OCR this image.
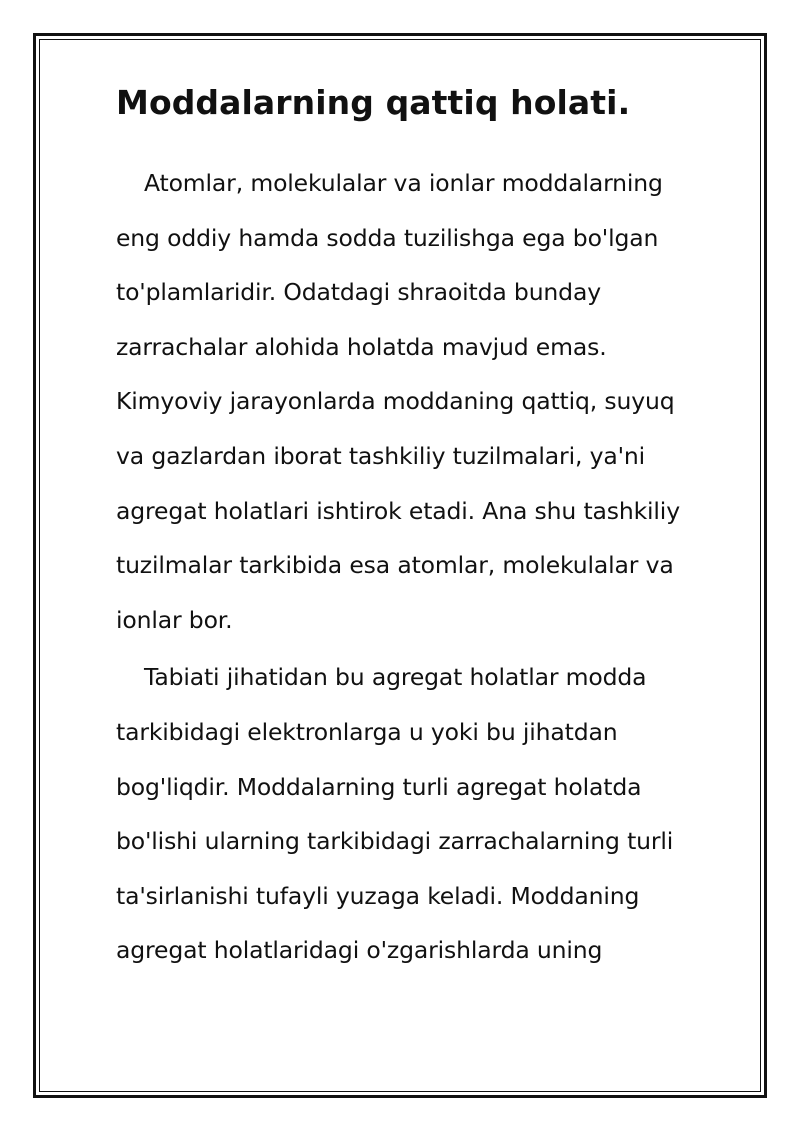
Moddalarning qattiq holati.

Atomlar, molekulalar va ionlar moddalarning
eng oddiy hamda sodda tuzilishga ega bo'lgan
to'plamlaridir. Odatdagi shraoitda bunday
zarrachalar alohida holatda mavjud emas.
Kimyoviy jarayonlarda moddaning qattiq, suyuq
va gazlardan iborat tashkiliy tuzilmalari, ya'ni
agregat holatlari ishtirok etadi. Ana shu tashkiliy
tuzilmalar tarkibida esa atomlar, molekulalar va
ionlar bor.

Tabiati jihatidan bu agregat holatlar modda
tarkibidagi elektronlarga u yoki bu jihatdan
bog'liqdir. Moddalarning turli agregat holatda
bo'lishi ularning tarkibidagi zarrachalarning turli
ta'sirlanishi tufayli yuzaga keladi. Moddaning
agregat holatlaridagi o'zgarishlarda uning
